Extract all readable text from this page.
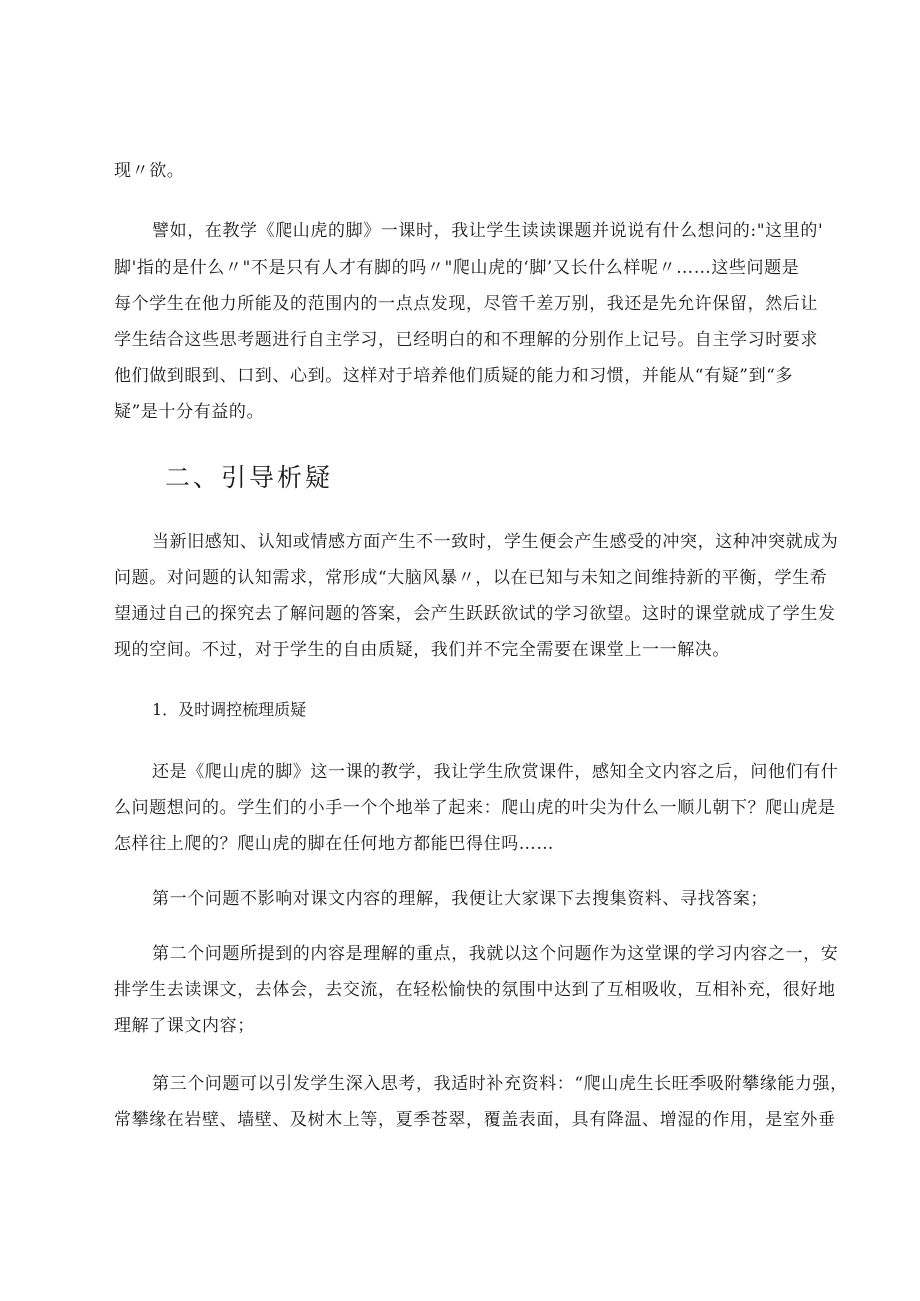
现〃欲。
譬如，在教学《爬山虎的脚》一课时，我让学生读读课题并说说有什么想问的:"这里的'
脚'指的是什么〃"不是只有人才有脚的吗〃"爬山虎的‘脚’又长什么样呢〃……这些问题是
每个学生在他力所能及的范围内的一点点发现，尽管千差万别，我还是先允许保留，然后让
学生结合这些思考题进行自主学习，已经明白的和不理解的分别作上记号。自主学习时要求
他们做到眼到、口到、心到。这样对于培养他们质疑的能力和习惯，并能从“有疑”到“多
疑”是十分有益的。
二、引导析疑
当新旧感知、认知或情感方面产生不一致时，学生便会产生感受的冲突，这种冲突就成为
问题。对问题的认知需求，常形成“大脑风暴〃，以在已知与未知之间维持新的平衡，学生希
望通过自己的探究去了解问题的答案，会产生跃跃欲试的学习欲望。这时的课堂就成了学生发
现的空间。不过，对于学生的自由质疑，我们并不完全需要在课堂上一一解决。
1．及时调控梳理质疑
还是《爬山虎的脚》这一课的教学，我让学生欣赏课件，感知全文内容之后，问他们有什
么问题想问的。学生们的小手一个个地举了起来：爬山虎的叶尖为什么一顺儿朝下？爬山虎是
怎样往上爬的？爬山虎的脚在任何地方都能巴得住吗……
第一个问题不影响对课文内容的理解，我便让大家课下去搜集资料、寻找答案；
第二个问题所提到的内容是理解的重点，我就以这个问题作为这堂课的学习内容之一，安
排学生去读课文，去体会，去交流，在轻松愉快的氛围中达到了互相吸收，互相补充，很好地
理解了课文内容；
第三个问题可以引发学生深入思考，我适时补充资料：“爬山虎生长旺季吸附攀缘能力强，
常攀缘在岩壁、墙壁、及树木上等，夏季苍翠，覆盖表面，具有降温、增湿的作用，是室外垂
